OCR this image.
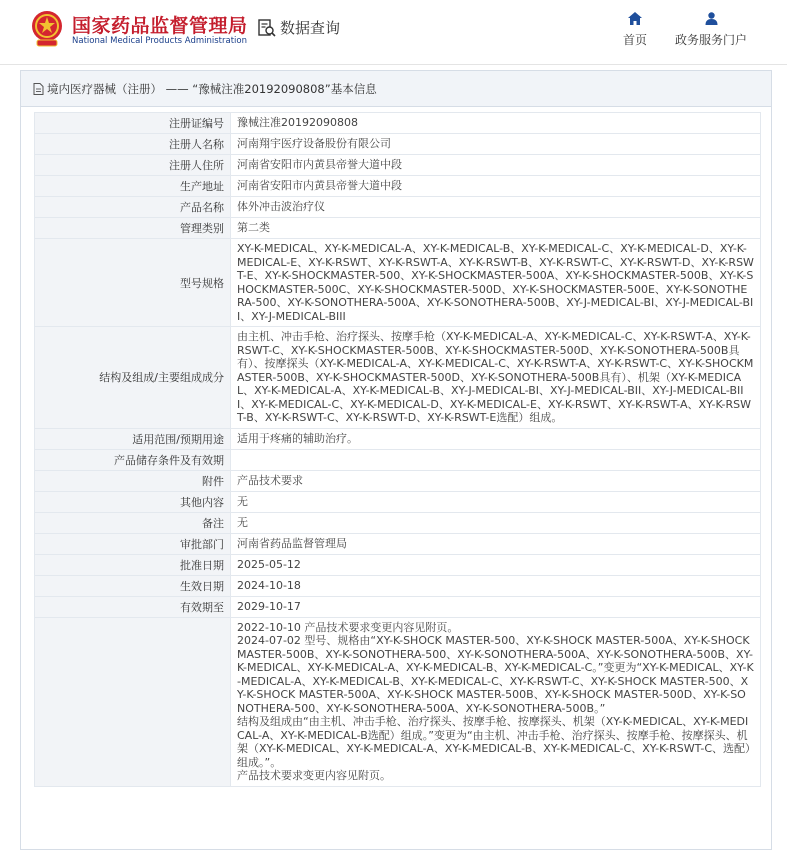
国家药品监督管理局
National Medical Products Administration
数据查询
首页	政务服务门户
境内医疗器械（注册） —— “豫械注准20192090808”基本信息
注册证编号	豫械注准20192090808
注册人名称	河南翔宇医疗设备股份有限公司
注册人住所	河南省安阳市内黄县帝誉大道中段
生产地址	河南省安阳市内黄县帝誉大道中段
产品名称	体外冲击波治疗仪
管理类别	第二类
型号规格	XY-K-MEDICAL、XY-K-MEDICAL-A、XY-K-MEDICAL-B、XY-K-MEDICAL-C、XY-K-MEDICAL-D、XY-K-MEDICAL-E、XY-K-RSWT、XY-K-RSWT-A、XY-K-RSWT-B、XY-K-RSWT-C、XY-K-RSWT-D、XY-K-RSWT-E、XY-K-SHOCKMASTER-500、XY-K-SHOCKMASTER-500A、XY-K-SHOCKMASTER-500B、XY-K-SHOCKMASTER-500C、XY-K-SHOCKMASTER-500D、XY-K-SHOCKMASTER-500E、XY-K-SONOTHERA-500、XY-K-SONOTHERA-500A、XY-K-SONOTHERA-500B、XY-J-MEDICAL-BI、XY-J-MEDICAL-BII、XY-J-MEDICAL-BIII
结构及组成/主要组成成分	由主机、冲击手枪、治疗探头、按摩手枪（XY-K-MEDICAL-A、XY-K-MEDICAL-C、XY-K-RSWT-A、XY-K-RSWT-C、XY-K-SHOCKMASTER-500B、XY-K-SHOCKMASTER-500D、XY-K-SONOTHERA-500B具有）、按摩探头（XY-K-MEDICAL-A、XY-K-MEDICAL-C、XY-K-RSWT-A、XY-K-RSWT-C、XY-K-SHOCKMASTER-500B、XY-K-SHOCKMASTER-500D、XY-K-SONOTHERA-500B具有）、机架（XY-K-MEDICAL、XY-K-MEDICAL-A、XY-K-MEDICAL-B、XY-J-MEDICAL-BI、XY-J-MEDICAL-BII、XY-J-MEDICAL-BIII、XY-K-MEDICAL-C、XY-K-MEDICAL-D、XY-K-MEDICAL-E、XY-K-RSWT、XY-K-RSWT-A、XY-K-RSWT-B、XY-K-RSWT-C、XY-K-RSWT-D、XY-K-RSWT-E选配）组成。
适用范围/预期用途	适用于疼痛的辅助治疗。
产品储存条件及有效期	
附件	产品技术要求
其他内容	无
备注	无
审批部门	河南省药品监督管理局
批准日期	2025-05-12
生效日期	2024-10-18
有效期至	2029-10-17

	2022-10-10 产品技术要求变更内容见附页。
2024-07-02 型号、规格由“XY-K-SHOCK MASTER-500、XY-K-SHOCK MASTER-500A、XY-K-SHOCK MASTER-500B、XY-K-SONOTHERA-500、XY-K-SONOTHERA-500A、XY-K-SONOTHERA-500B、XY-K-MEDICAL、XY-K-MEDICAL-A、XY-K-MEDICAL-B、XY-K-MEDICAL-C。”变更为“XY-K-MEDICAL、XY-K-MEDICAL-A、XY-K-MEDICAL-B、XY-K-MEDICAL-C、XY-K-RSWT-C、XY-K-SHOCK MASTER-500、XY-K-SHOCK MASTER-500A、XY-K-SHOCK MASTER-500B、XY-K-SHOCK MASTER-500D、XY-K-SONOTHERA-500、XY-K-SONOTHERA-500A、XY-K-SONOTHERA-500B。”
结构及组成由“由主机、冲击手枪、治疗探头、按摩手枪、按摩探头、机架（XY-K-MEDICAL、XY-K-MEDICAL-A、XY-K-MEDICAL-B选配）组成。”变更为“由主机、冲击手枪、治疗探头、按摩手枪、按摩探头、机架（XY-K-MEDICAL、XY-K-MEDICAL-A、XY-K-MEDICAL-B、XY-K-MEDICAL-C、XY-K-RSWT-C、选配）组成。”。
产品技术要求变更内容见附页。
